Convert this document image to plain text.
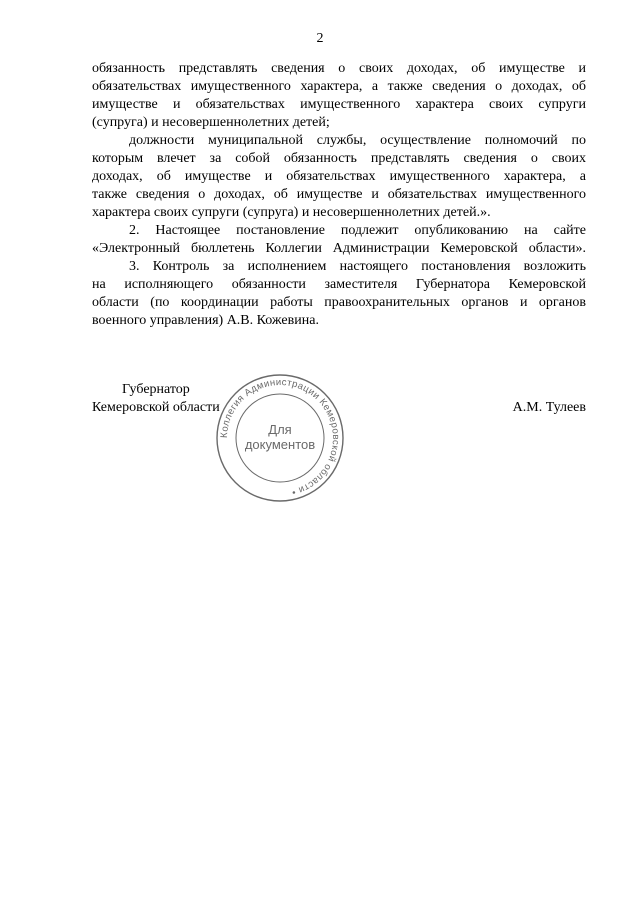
2
обязанность представлять сведения о своих доходах, об имуществе и
обязательствах имущественного характера, а также сведения о доходах, об
имуществе и обязательствах имущественного характера своих супруги
(супруга) и несовершеннолетних детей;
должности муниципальной службы, осуществление полномочий по
которым влечет за собой обязанность представлять сведения о своих
доходах, об имуществе и обязательствах имущественного характера, а
также сведения о доходах, об имуществе и обязательствах имущественного
характера своих супруги (супруга) и несовершеннолетних детей.».
2. Настоящее постановление подлежит опубликованию на сайте
«Электронный бюллетень Коллегии Администрации Кемеровской области».
3. Контроль за исполнением настоящего постановления возложить
на исполняющего обязанности заместителя Губернатора Кемеровской
области (по координации работы правоохранительных органов и органов
военного управления) А.В. Кожевина.
Губернатор
Кемеровской области	А.М. Тулеев
Коллегия Администрации Кемеровской области •
Для
документов
